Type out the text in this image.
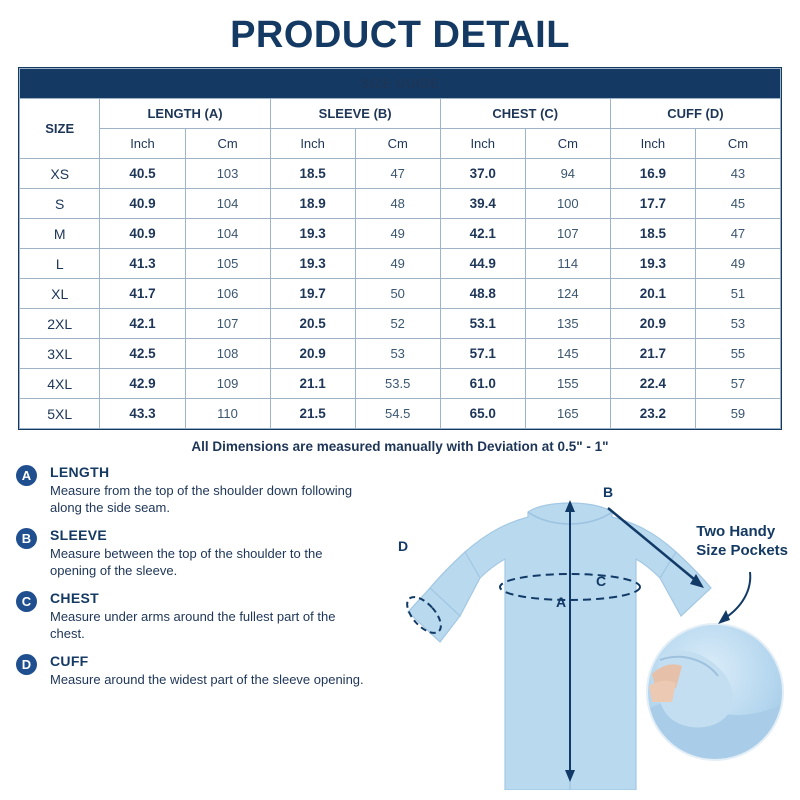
PRODUCT DETAIL
SIZE GUIDE								
SIZE	LENGTH (A)		SLEEVE (B)		CHEST (C)		CUFF (D)	
	Inch	Cm	Inch	Cm	Inch	Cm	Inch	Cm
XS	40.5	103	18.5	47	37.0	94	16.9	43
S	40.9	104	18.9	48	39.4	100	17.7	45
M	40.9	104	19.3	49	42.1	107	18.5	47
L	41.3	105	19.3	49	44.9	114	19.3	49
XL	41.7	106	19.7	50	48.8	124	20.1	51
2XL	42.1	107	20.5	52	53.1	135	20.9	53
3XL	42.5	108	20.9	53	57.1	145	21.7	55
4XL	42.9	109	21.1	53.5	61.0	155	22.4	57
5XL	43.3	110	21.5	54.5	65.0	165	23.2	59
All Dimensions are measured manually with Deviation at 0.5" - 1"
A	LENGTH
Measure from the top of the shoulder down following along the side seam.
B	SLEEVE
Measure between the top of the shoulder to the opening of the sleeve.
C	CHEST
Measure under arms around the fullest part of the chest.
D	CUFF
Measure around the widest part of the sleeve opening.
C
A
B
D
Two Handy
Size Pockets
